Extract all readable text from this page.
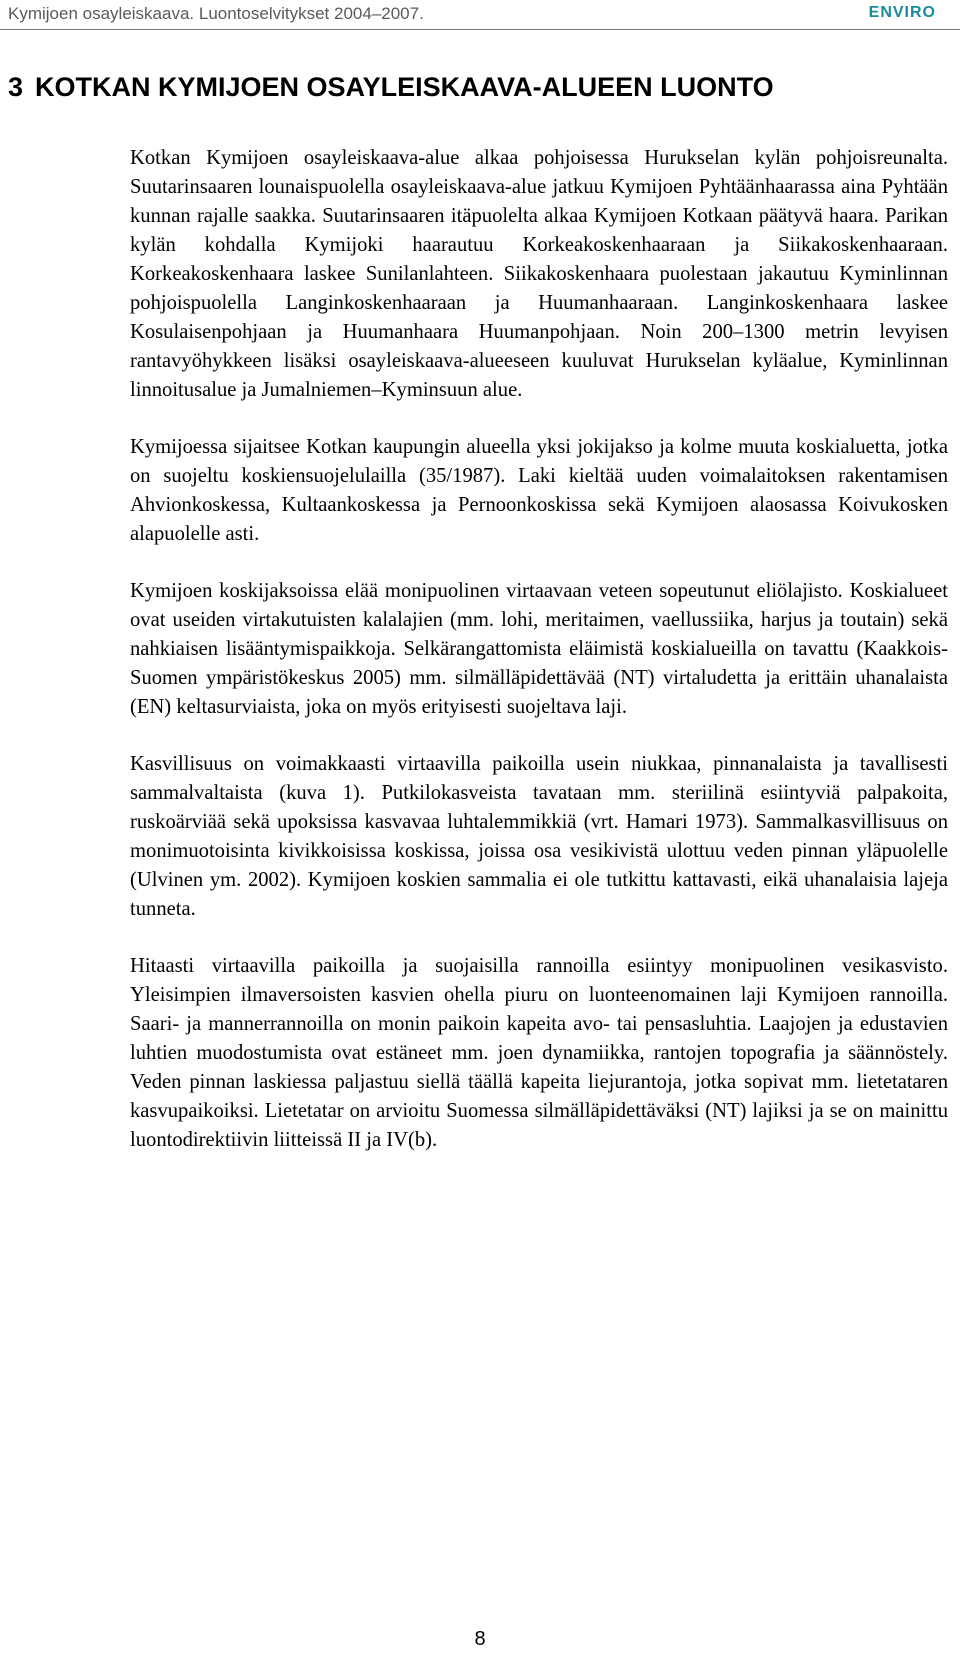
Kymijoen osayleiskaava. Luontoselvitykset 2004–2007.	ENVIRO
3 KOTKAN KYMIJOEN OSAYLEISKAAVA-ALUEEN LUONTO

Kotkan Kymijoen osayleiskaava-alue alkaa pohjoisessa Hurukselan kylän pohjoisreunalta. Suutarinsaaren lounaispuolella osayleiskaava-alue jatkuu Kymijoen Pyhtäänhaarassa aina Pyhtään kunnan rajalle saakka. Suutarinsaaren itäpuolelta alkaa Kymijoen Kotkaan päätyvä haara. Parikan kylän kohdalla Kymijoki haarautuu Korkeakoskenhaaraan ja Siikakoskenhaaraan. Korkeakoskenhaara laskee Sunilanlahteen. Siikakoskenhaara puolestaan jakautuu Kyminlinnan pohjoispuolella Langinkoskenhaaraan ja Huumanhaaraan. Langinkoskenhaara laskee Kosulaisenpohjaan ja Huumanhaara Huumanpohjaan. Noin 200–1300 metrin levyisen rantavyöhykkeen lisäksi osayleiskaava-alueeseen kuuluvat Hurukselan kyläalue, Kyminlinnan linnoitusalue ja Jumalniemen–Kyminsuun alue.

Kymijoessa sijaitsee Kotkan kaupungin alueella yksi jokijakso ja kolme muuta koskialuetta, jotka on suojeltu koskiensuojelulailla (35/1987). Laki kieltää uuden voimalaitoksen rakentamisen Ahvionkoskessa, Kultaankoskessa ja Pernoonkoskissa sekä Kymijoen alaosassa Koivukosken alapuolelle asti.

Kymijoen koskijaksoissa elää monipuolinen virtaavaan veteen sopeutunut eliölajisto. Koskialueet ovat useiden virtakutuisten kalalajien (mm. lohi, meritaimen, vaellussiika, harjus ja toutain) sekä nahkiaisen lisääntymispaikkoja. Selkärangattomista eläimistä koskialueilla on tavattu (Kaakkois-Suomen ympäristökeskus 2005) mm. silmälläpidettävää (NT) virtaludetta ja erittäin uhanalaista (EN) keltasurviaista, joka on myös erityisesti suojeltava laji.

Kasvillisuus on voimakkaasti virtaavilla paikoilla usein niukkaa, pinnanalaista ja tavallisesti sammalvaltaista (kuva 1). Putkilokasveista tavataan mm. steriilinä esiintyviä palpakoita, ruskoärviää sekä upoksissa kasvavaa luhtalemmikkiä (vrt. Hamari 1973). Sammalkasvillisuus on monimuotoisinta kivikkoisissa koskissa, joissa osa vesikivistä ulottuu veden pinnan yläpuolelle (Ulvinen ym. 2002). Kymijoen koskien sammalia ei ole tutkittu kattavasti, eikä uhanalaisia lajeja tunneta.

Hitaasti virtaavilla paikoilla ja suojaisilla rannoilla esiintyy monipuolinen vesikasvisto. Yleisimpien ilmaversoisten kasvien ohella piuru on luonteenomainen laji Kymijoen rannoilla. Saari- ja mannerrannoilla on monin paikoin kapeita avo- tai pensasluhtia. Laajojen ja edustavien luhtien muodostumista ovat estäneet mm. joen dynamiikka, rantojen topografia ja säännöstely. Veden pinnan laskiessa paljastuu siellä täällä kapeita liejurantoja, jotka sopivat mm. lietetataren kasvupaikoiksi. Lietetatar on arvioitu Suomessa silmälläpidettäväksi (NT) lajiksi ja se on mainittu luontodirektiivin liitteissä II ja IV(b).

8
